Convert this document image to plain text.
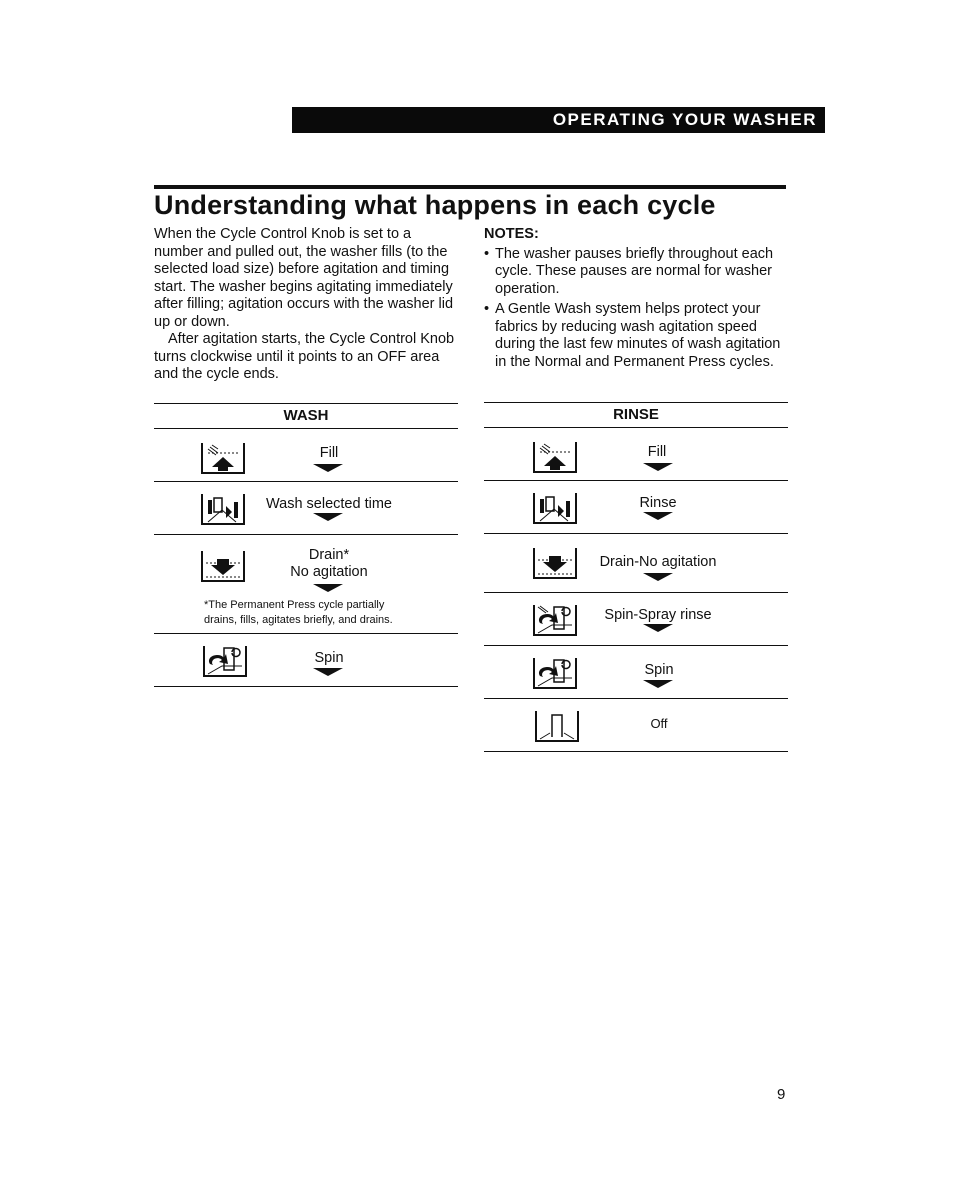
OPERATING YOUR WASHER
Understanding what happens in each cycle

When the Cycle Control Knob is set to a number and pulled out, the washer fills (to the selected load size) before agitation and timing start. The washer begins agitating immediately after filling; agitation occurs with the washer lid up or down.

After agitation starts, the Cycle Control Knob turns clockwise until it points to an OFF area and the cycle ends.

NOTES:

• The washer pauses briefly throughout each cycle. These pauses are normal for washer operation.
• A Gentle Wash system helps protect your fabrics by reducing wash agitation speed during the last few minutes of wash agitation in the Normal and Permanent Press cycles.
WASH
Fill
Wash selected time
Drain*
No agitation
*The Permanent Press cycle partially
drains, fills, agitates briefly, and drains.
Spin
RINSE
Fill
Rinse
Drain-No agitation
Spin-Spray rinse
Spin
Off
9
